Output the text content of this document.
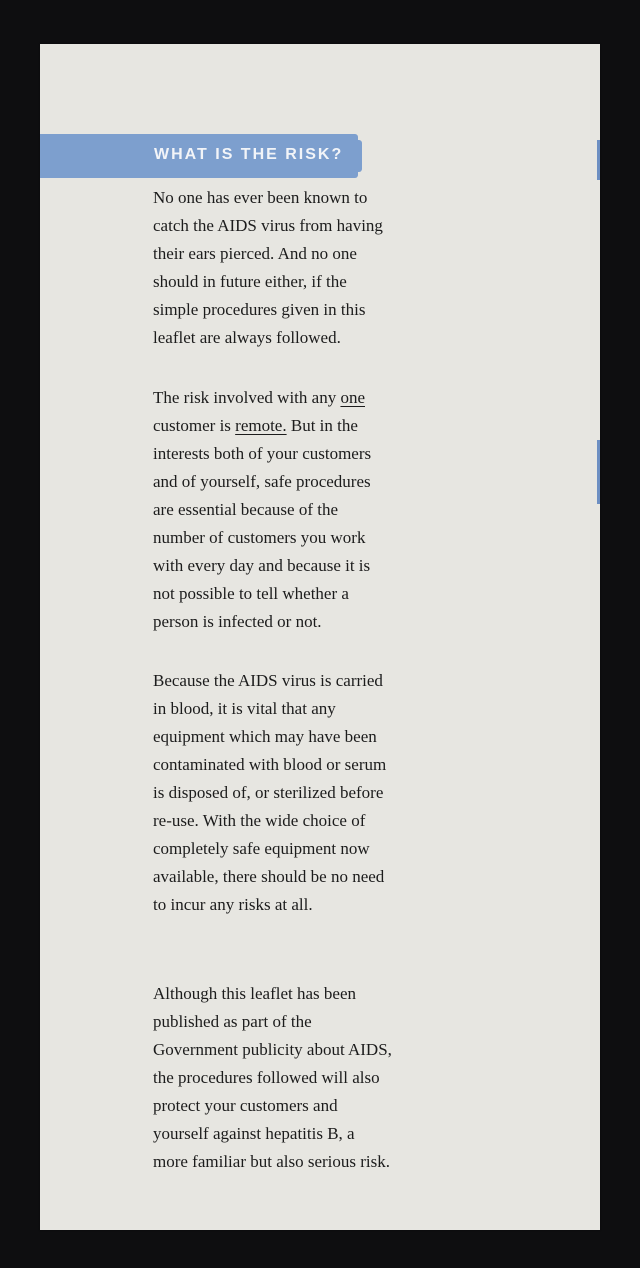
WHAT IS THE RISK?

No one has ever been known to
catch the AIDS virus from having
their ears pierced. And no one
should in future either, if the
simple procedures given in this
leaflet are always followed.

The risk involved with any one
customer is remote. But in the
interests both of your customers
and of yourself, safe procedures
are essential because of the
number of customers you work
with every day and because it is
not possible to tell whether a
person is infected or not.

Because the AIDS virus is carried
in blood, it is vital that any
equipment which may have been
contaminated with blood or serum
is disposed of, or sterilized before
re-use. With the wide choice of
completely safe equipment now
available, there should be no need
to incur any risks at all.

Although this leaflet has been
published as part of the
Government publicity about AIDS,
the procedures followed will also
protect your customers and
yourself against hepatitis B, a
more familiar but also serious risk.
